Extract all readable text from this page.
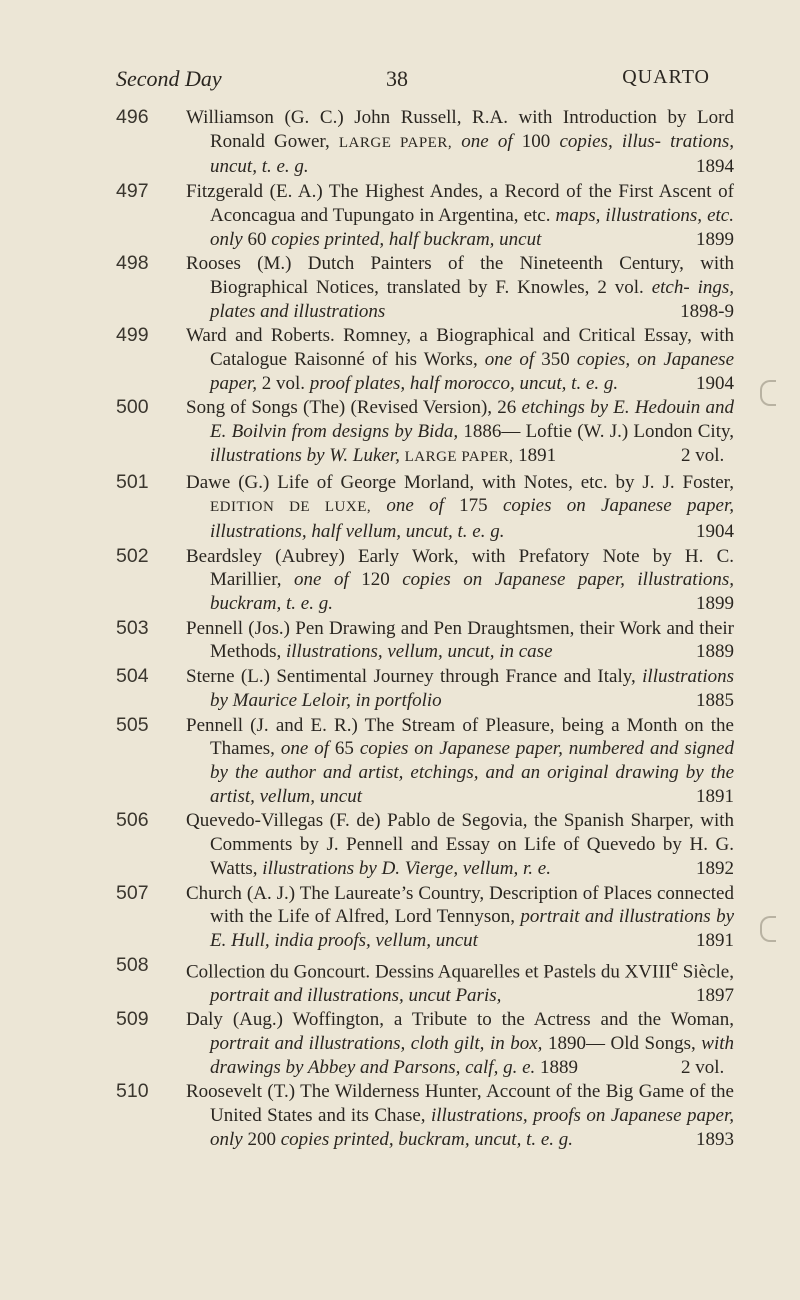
Second Day	38	QUARTO
496 Williamson (G. C.) John Russell, R.A. with Introduction by Lord Ronald Gower, LARGE PAPER, one of 100 copies, illus- trations, uncut, t. e. g.	1894
497 Fitzgerald (E. A.) The Highest Andes, a Record of the First Ascent of Aconcagua and Tupungato in Argentina, etc. maps, illustrations, etc. only 60 copies printed, half buckram, uncut	1899
498 Rooses (M.) Dutch Painters of the Nineteenth Century, with Biographical Notices, translated by F. Knowles, 2 vol. etch- ings, plates and illustrations	1898-9
499 Ward and Roberts. Romney, a Biographical and Critical Essay, with Catalogue Raisonné of his Works, one of 350 copies, on Japanese paper, 2 vol. proof plates, half morocco, uncut, t. e. g.	1904
500 Song of Songs (The) (Revised Version), 26 etchings by E. Hedouin and E. Boilvin from designs by Bida, 1886— Loftie (W. J.) London City, illustrations by W. Luker, LARGE PAPER, 1891	2 vol.
501 Dawe (G.) Life of George Morland, with Notes, etc. by J. J. Foster, EDITION DE LUXE, one of 175 copies on Japanese paper, illustrations, half vellum, uncut, t. e. g.	1904
502 Beardsley (Aubrey) Early Work, with Prefatory Note by H. C. Marillier, one of 120 copies on Japanese paper, illustrations, buckram, t. e. g.	1899
503 Pennell (Jos.) Pen Drawing and Pen Draughtsmen, their Work and their Methods, illustrations, vellum, uncut, in case	1889
504 Sterne (L.) Sentimental Journey through France and Italy, illustrations by Maurice Leloir, in portfolio	1885
505 Pennell (J. and E. R.) The Stream of Pleasure, being a Month on the Thames, one of 65 copies on Japanese paper, numbered and signed by the author and artist, etchings, and an original drawing by the artist, vellum, uncut	1891
506 Quevedo-Villegas (F. de) Pablo de Segovia, the Spanish Sharper, with Comments by J. Pennell and Essay on Life of Quevedo by H. G. Watts, illustrations by D. Vierge, vellum, r. e.	1892
507 Church (A. J.) The Laureate’s Country, Description of Places connected with the Life of Alfred, Lord Tennyson, portrait and illustrations by E. Hull, india proofs, vellum, uncut	1891
508 Collection du Goncourt. Dessins Aquarelles et Pastels du XVIIIe Siècle, portrait and illustrations, uncut Paris,	1897
509 Daly (Aug.) Woffington, a Tribute to the Actress and the Woman, portrait and illustrations, cloth gilt, in box, 1890— Old Songs, with drawings by Abbey and Parsons, calf, g. e. 1889	2 vol.
510 Roosevelt (T.) The Wilderness Hunter, Account of the Big Game of the United States and its Chase, illustrations, proofs on Japanese paper, only 200 copies printed, buckram, uncut, t. e. g.	1893
